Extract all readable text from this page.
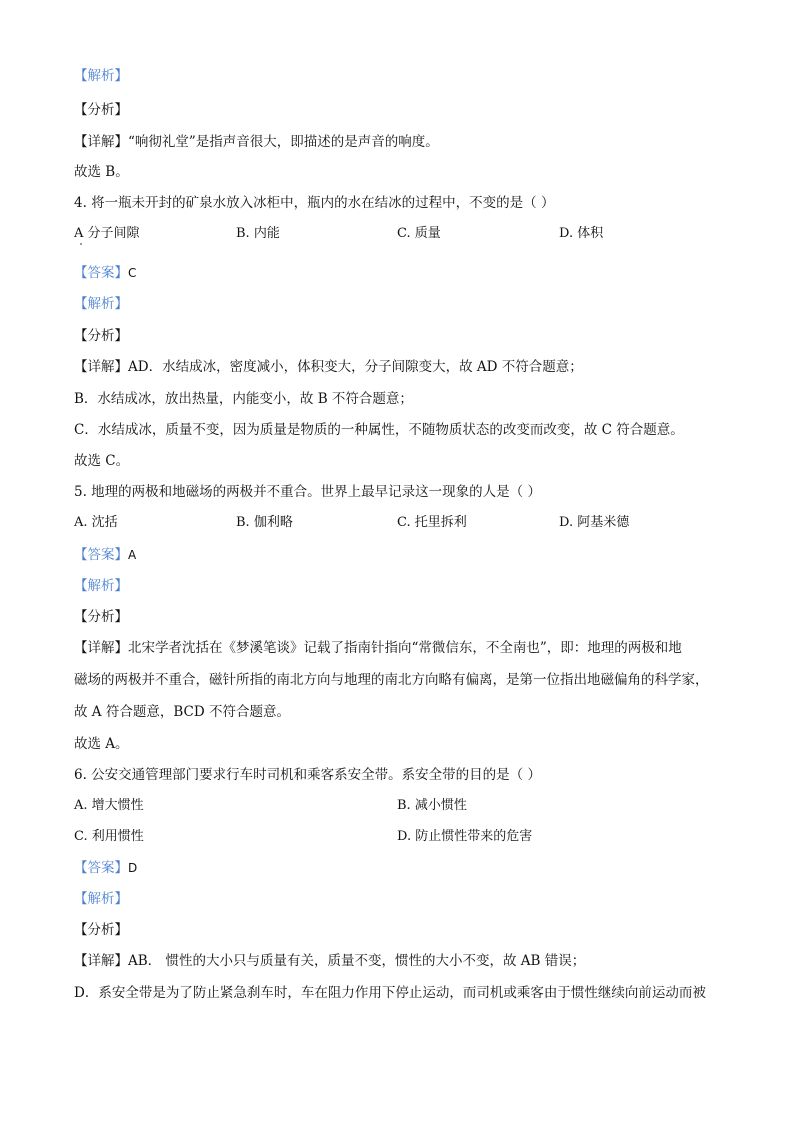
【解析】
【分析】
【详解】“响彻礼堂”是指声音很大，即描述的是声音的响度。
故选 B。
4. 将一瓶未开封的矿泉水放入冰柜中，瓶内的水在结冰的过程中，不变的是（ ）
A 分子间隙	B. 内能	C. 质量	D. 体积
【答案】C
【解析】
【分析】
【详解】AD．水结成冰，密度减小，体积变大，分子间隙变大，故 AD 不符合题意；
B．水结成冰，放出热量，内能变小，故 B 不符合题意；
C．水结成冰，质量不变，因为质量是物质的一种属性，不随物质状态的改变而改变，故 C 符合题意。
故选 C。
5. 地理的两极和地磁场的两极并不重合。世界上最早记录这一现象的人是（ ）
A. 沈括	B. 伽利略	C. 托里拆利	D. 阿基米德
【答案】A
【解析】
【分析】
【详解】北宋学者沈括在《梦溪笔谈》记载了指南针指向“常微信东，不全南也”，即：地理的两极和地
磁场的两极并不重合，磁针所指的南北方向与地理的南北方向略有偏离，是第一位指出地磁偏角的科学家，
故 A 符合题意，BCD 不符合题意。
故选 A。
6. 公安交通管理部门要求行车时司机和乘客系安全带。系安全带的目的是（ ）
A. 增大惯性	B. 减小惯性
C. 利用惯性	D. 防止惯性带来的危害
【答案】D
【解析】
【分析】
【详解】AB． 惯性的大小只与质量有关，质量不变，惯性的大小不变，故 AB 错误；
D．系安全带是为了防止紧急刹车时，车在阻力作用下停止运动，而司机或乘客由于惯性继续向前运动而被
